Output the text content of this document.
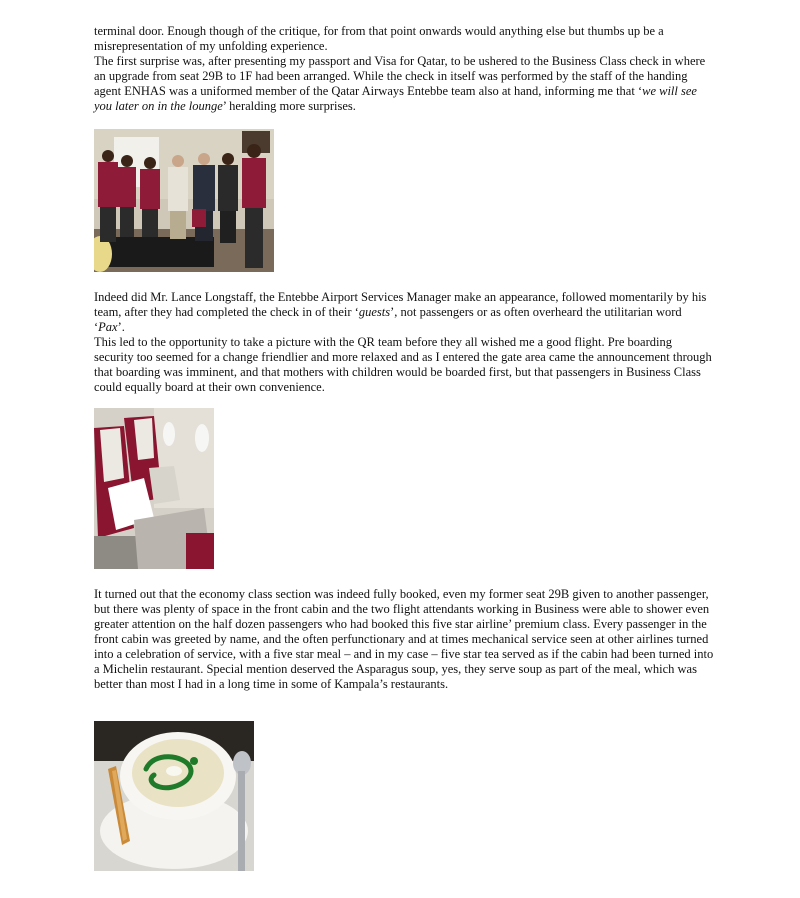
terminal door. Enough though of the critique, for from that point onwards would anything else but thumbs up be a misrepresentation of my unfolding experience.

The first surprise was, after presenting my passport and Visa for Qatar, to be ushered to the Business Class check in where an upgrade from seat 29B to 1F had been arranged. While the check in itself was performed by the staff of the handing agent ENHAS was a uniformed member of the Qatar Airways Entebbe team also at hand, informing me that ‘we will see you later on in the lounge’ heralding more surprises.

Indeed did Mr. Lance Longstaff, the Entebbe Airport Services Manager make an appearance, followed momentarily by his team, after they had completed the check in of their ‘guests’, not passengers or as often overheard the utilitarian word ‘Pax’.

This led to the opportunity to take a picture with the QR team before they all wished me a good flight. Pre boarding security too seemed for a change friendlier and more relaxed and as I entered the gate area came the announcement through that boarding was imminent, and that mothers with children would be boarded first, but that passengers in Business Class could equally board at their own convenience.

It turned out that the economy class section was indeed fully booked, even my former seat 29B given to another passenger, but there was plenty of space in the front cabin and the two flight attendants working in Business were able to shower even greater attention on the half dozen passengers who had booked this five star airline’ premium class. Every passenger in the front cabin was greeted by name, and the often perfunctionary and at times mechanical service seen at other airlines turned into a celebration of service, with a five star meal – and in my case – five star tea served as if the cabin had been turned into a Michelin restaurant. Special mention deserved the Asparagus soup, yes, they serve soup as part of the meal, which was better than most I had in a long time in some of Kampala’s restaurants.
